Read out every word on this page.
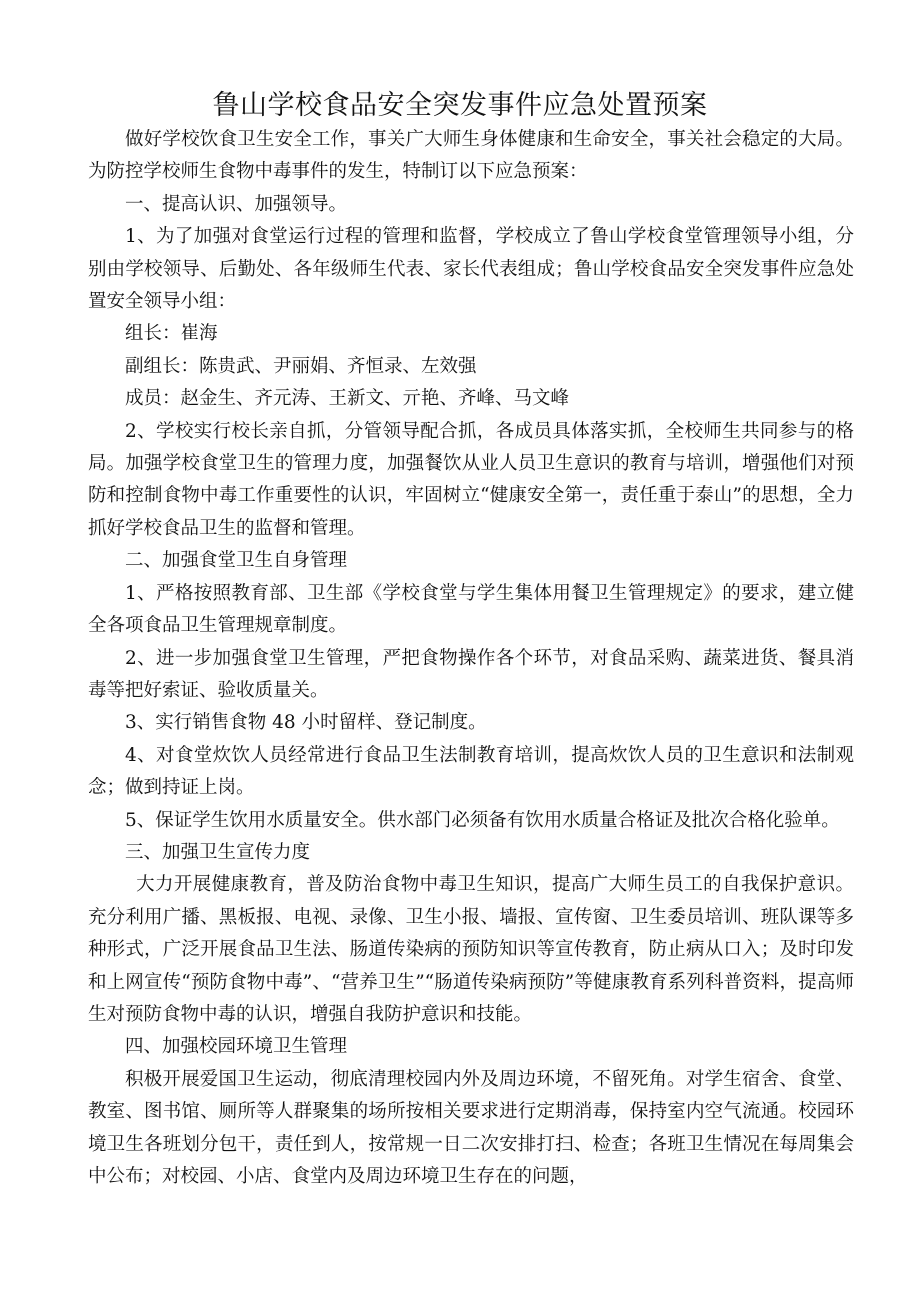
鲁山学校食品安全突发事件应急处置预案

做好学校饮食卫生安全工作，事关广大师生身体健康和生命安全，事关社会稳定的大局。为防控学校师生食物中毒事件的发生，特制订以下应急预案：

一、提高认识、加强领导。

1、为了加强对食堂运行过程的管理和监督，学校成立了鲁山学校食堂管理领导小组，分别由学校领导、后勤处、各年级师生代表、家长代表组成；鲁山学校食品安全突发事件应急处置安全领导小组：

组长：崔海

副组长：陈贵武、尹丽娟、齐恒录、左效强

成员：赵金生、齐元涛、王新文、亓艳、齐峰、马文峰

2、学校实行校长亲自抓，分管领导配合抓，各成员具体落实抓，全校师生共同参与的格局。加强学校食堂卫生的管理力度，加强餐饮从业人员卫生意识的教育与培训，增强他们对预防和控制食物中毒工作重要性的认识，牢固树立“健康安全第一，责任重于泰山”的思想，全力抓好学校食品卫生的监督和管理。

二、加强食堂卫生自身管理

1、严格按照教育部、卫生部《学校食堂与学生集体用餐卫生管理规定》的要求，建立健全各项食品卫生管理规章制度。

2、进一步加强食堂卫生管理，严把食物操作各个环节，对食品采购、蔬菜进货、餐具消毒等把好索证、验收质量关。

3、实行销售食物 48 小时留样、登记制度。

4、对食堂炊饮人员经常进行食品卫生法制教育培训，提高炊饮人员的卫生意识和法制观念；做到持证上岗。

5、保证学生饮用水质量安全。供水部门必须备有饮用水质量合格证及批次合格化验单。

三、加强卫生宣传力度

大力开展健康教育，普及防治食物中毒卫生知识，提高广大师生员工的自我保护意识。充分利用广播、黑板报、电视、录像、卫生小报、墙报、宣传窗、卫生委员培训、班队课等多种形式，广泛开展食品卫生法、肠道传染病的预防知识等宣传教育，防止病从口入；及时印发和上网宣传“预防食物中毒”、“营养卫生”“肠道传染病预防”等健康教育系列科普资料，提高师生对预防食物中毒的认识，增强自我防护意识和技能。

四、加强校园环境卫生管理

积极开展爱国卫生运动，彻底清理校园内外及周边环境，不留死角。对学生宿舍、食堂、教室、图书馆、厕所等人群聚集的场所按相关要求进行定期消毒，保持室内空气流通。校园环境卫生各班划分包干，责任到人，按常规一日二次安排打扫、检查；各班卫生情况在每周集会中公布；对校园、小店、食堂内及周边环境卫生存在的问题，
